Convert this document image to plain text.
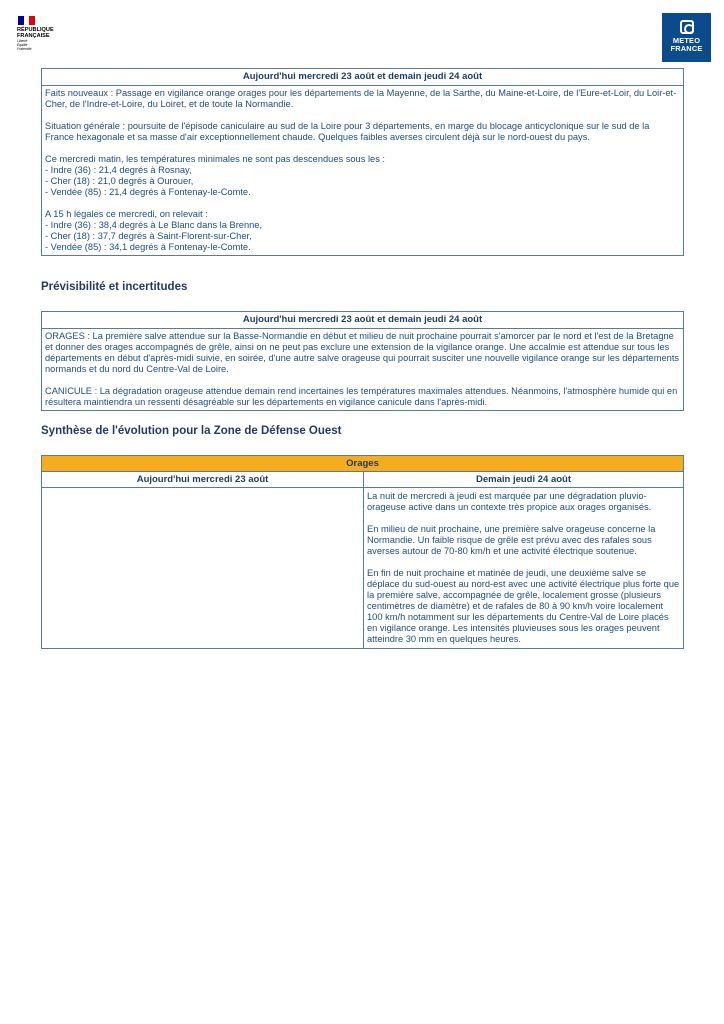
RÉPUBLIQUE
FRANÇAISE
Liberté
Égalité
Fraternité
METEO
FRANCE
Aujourd'hui mercredi 23 août et demain jeudi 24 août

Faits nouveaux : Passage en vigilance orange orages pour les départements de la Mayenne, de la Sarthe, du Maine-et-Loire, de l'Eure-et-Loir, du Loir-et-Cher, de l'Indre-et-Loire, du Loiret, et de toute la Normandie.

Situation générale : poursuite de l'épisode caniculaire au sud de la Loire pour 3 départements, en marge du blocage anticyclonique sur le sud de la France hexagonale et sa masse d'air exceptionnellement chaude. Quelques faibles averses circulent déjà sur le nord-ouest du pays.

Ce mercredi matin, les températures minimales ne sont pas descendues sous les :

- Indre (36) : 21,4 degrés à Rosnay,

- Cher (18) : 21,0 degrés à Ourouer,

- Vendée (85) : 21,4 degrés à Fontenay-le-Comte.

A 15 h légales ce mercredi, on relevait :

- Indre (36) : 38,4 degrés à Le Blanc dans la Brenne,

- Cher (18) : 37,7 degrés à Saint-Florent-sur-Cher,

- Vendée (85) : 34,1 degrés à Fontenay-le-Comte.

Prévisibilité et incertitudes
Aujourd'hui mercredi 23 août et demain jeudi 24 août

ORAGES : La première salve attendue sur la Basse-Normandie en début et milieu de nuit prochaine pourrait s'amorcer par le nord et l'est de la Bretagne et donner des orages accompagnés de grêle, ainsi on ne peut pas exclure une extension de la vigilance orange. Une accalmie est attendue sur tous les départements en début d'après-midi suivie, en soirée, d'une autre salve orageuse qui pourrait susciter une nouvelle vigilance orange sur les départements normands et du nord du Centre-Val de Loire.

CANICULE : La dégradation orageuse attendue demain rend incertaines les températures maximales attendues. Néanmoins, l'atmosphère humide qui en résultera maintiendra un ressenti désagréable sur les départements en vigilance canicule dans l'après-midi.

Synthèse de l'évolution pour la Zone de Défense Ouest
Orages	
Aujourd'hui mercredi 23 août	Demain jeudi 24 août

	La nuit de mercredi à jeudi est marquée par une dégradation pluvio-orageuse active dans un contexte très propice aux orages organisés.

En milieu de nuit prochaine, une première salve orageuse concerne la Normandie. Un faible risque de grêle est prévu avec des rafales sous averses autour de 70-80 km/h et une activité électrique soutenue.

En fin de nuit prochaine et matinée de jeudi, une deuxième salve se déplace du sud-ouest au nord-est avec une activité électrique plus forte que la première salve, accompagnée de grêle, localement grosse (plusieurs centimètres de diamètre) et de rafales de 80 à 90 km/h voire localement 100 km/h notamment sur les départements du Centre-Val de Loire placés en vigilance orange. Les intensités pluvieuses sous les orages peuvent atteindre 30 mm en quelques heures.
